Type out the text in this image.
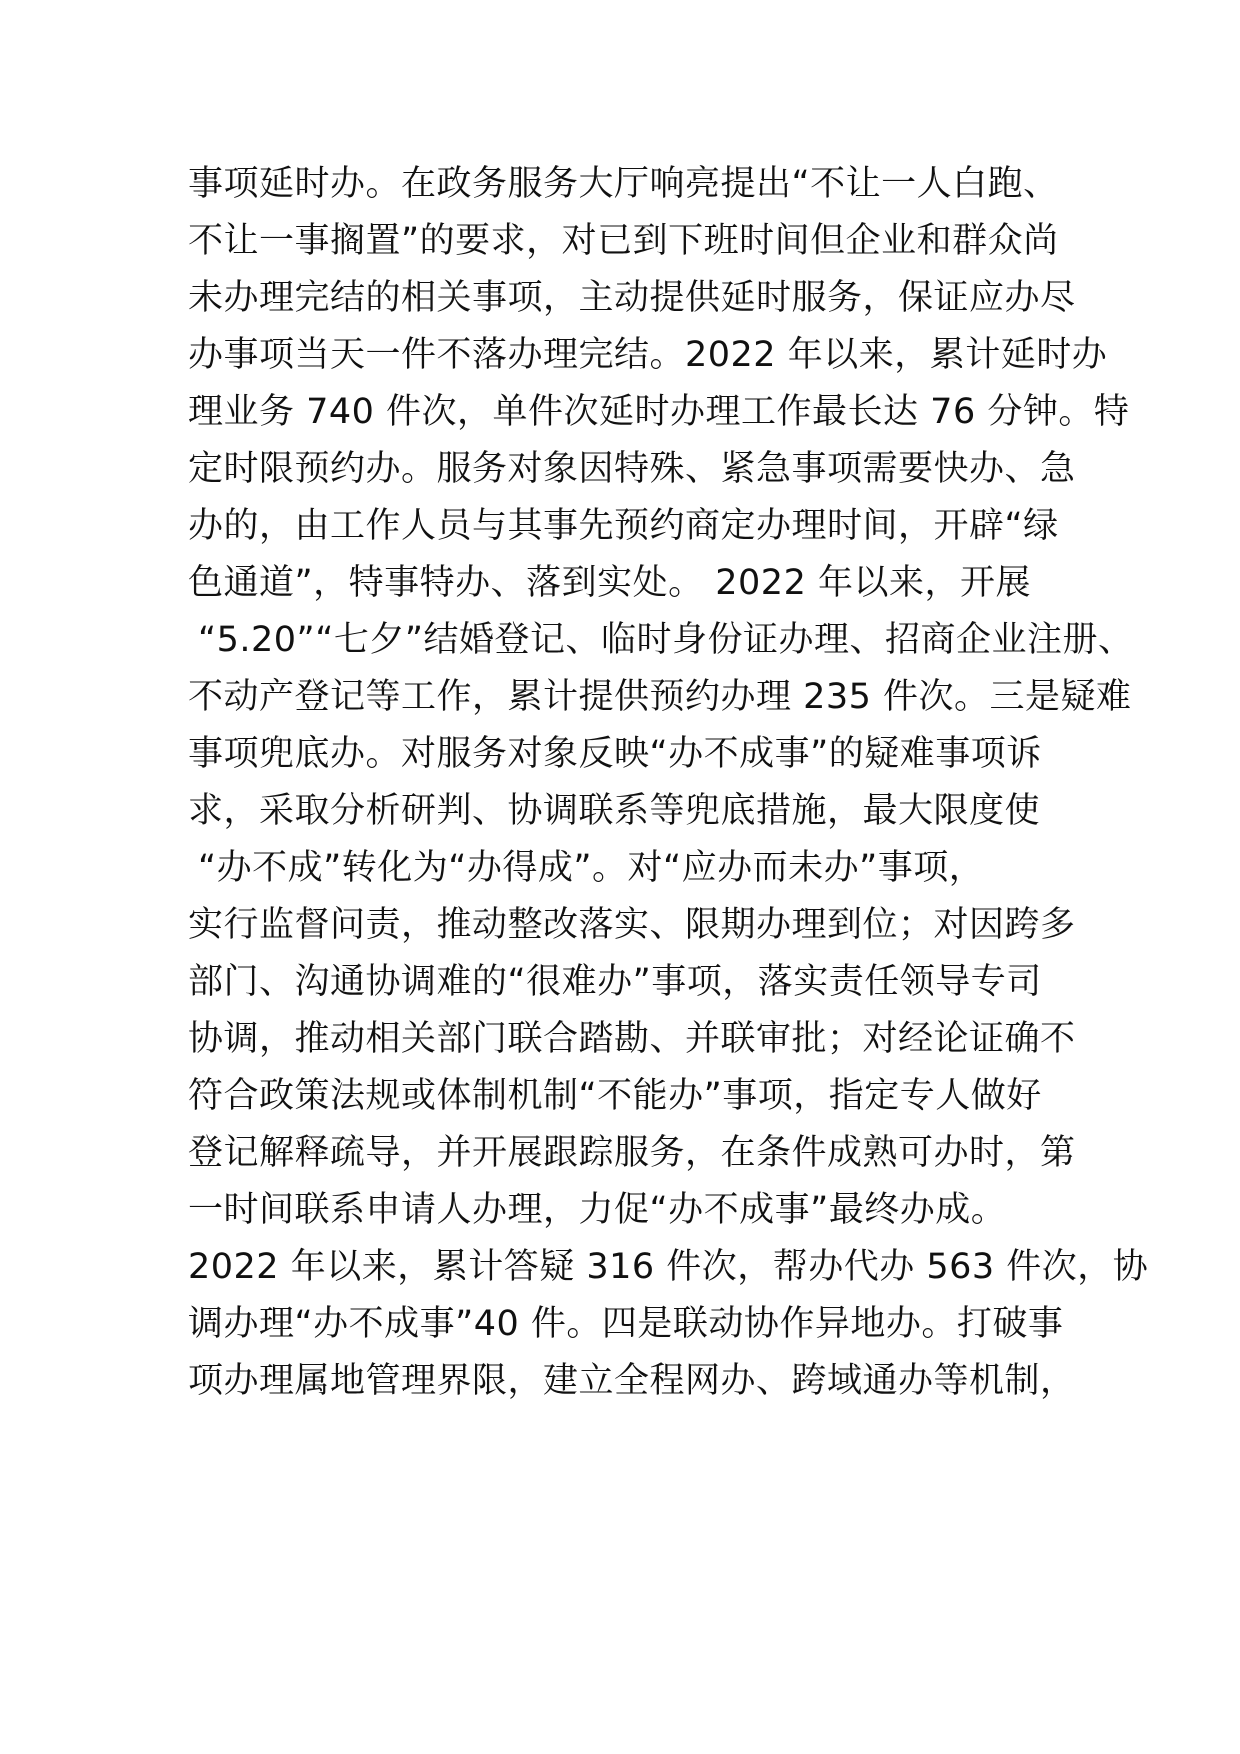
事项延时办。在政务服务大厅响亮提出“不让一人白跑、
不让一事搁置”的要求，对已到下班时间但企业和群众尚
未办理完结的相关事项，主动提供延时服务，保证应办尽
办事项当天一件不落办理完结。2022 年以来，累计延时办
理业务 740 件次，单件次延时办理工作最长达 76 分钟。特
定时限预约办。服务对象因特殊、紧急事项需要快办、急
办的，由工作人员与其事先预约商定办理时间，开辟“绿
色通道”，特事特办、落到实处。 2022 年以来，开展
“5.20”“七夕”结婚登记、临时身份证办理、招商企业注册、
不动产登记等工作，累计提供预约办理 235 件次。三是疑难
事项兜底办。对服务对象反映“办不成事”的疑难事项诉
求，采取分析研判、协调联系等兜底措施，最大限度使
“办不成”转化为“办得成”。对“应办而未办”事项，
实行监督问责，推动整改落实、限期办理到位；对因跨多
部门、沟通协调难的“很难办”事项，落实责任领导专司
协调，推动相关部门联合踏勘、并联审批；对经论证确不
符合政策法规或体制机制“不能办”事项，指定专人做好
登记解释疏导，并开展跟踪服务，在条件成熟可办时，第
一时间联系申请人办理，力促“办不成事”最终办成。
2022 年以来，累计答疑 316 件次，帮办代办 563 件次，协
调办理“办不成事”40 件。四是联动协作异地办。打破事
项办理属地管理界限，建立全程网办、跨域通办等机制，
